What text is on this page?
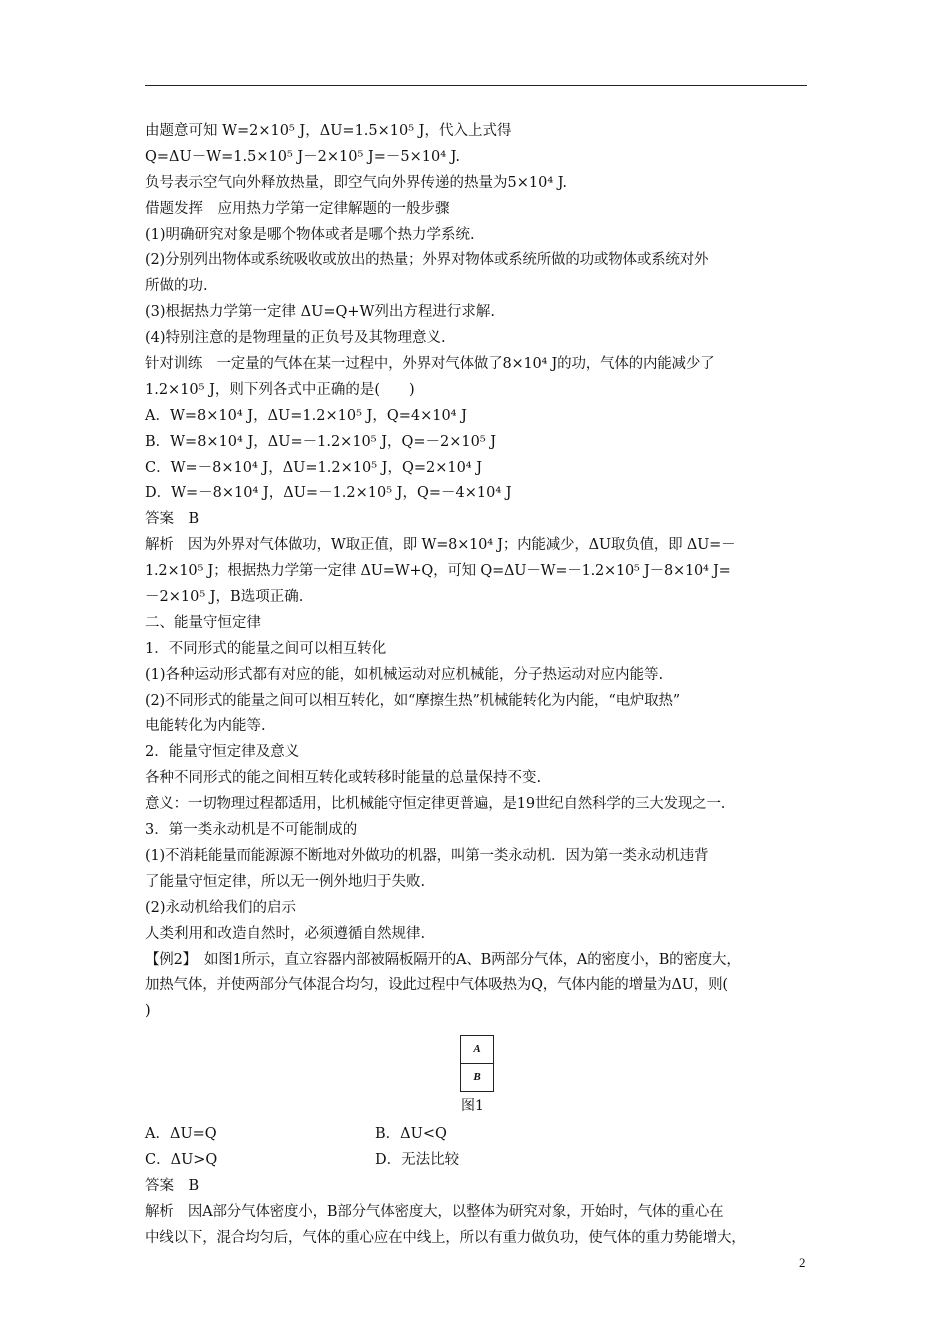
由题意可知 W=2×10⁵ J，ΔU=1.5×10⁵ J，代入上式得
Q=ΔU－W=1.5×10⁵ J－2×10⁵ J=－5×10⁴ J.
负号表示空气向外释放热量，即空气向外界传递的热量为5×10⁴ J.
借题发挥　应用热力学第一定律解题的一般步骤
(1)明确研究对象是哪个物体或者是哪个热力学系统.
(2)分别列出物体或系统吸收或放出的热量；外界对物体或系统所做的功或物体或系统对外
所做的功.
(3)根据热力学第一定律 ΔU=Q+W列出方程进行求解.
(4)特别注意的是物理量的正负号及其物理意义.
针对训练　一定量的气体在某一过程中，外界对气体做了8×10⁴ J的功，气体的内能减少了
1.2×10⁵ J，则下列各式中正确的是(　　)
A．W=8×10⁴ J，ΔU=1.2×10⁵ J，Q=4×10⁴ J
B．W=8×10⁴ J，ΔU=－1.2×10⁵ J，Q=－2×10⁵ J
C．W=－8×10⁴ J，ΔU=1.2×10⁵ J，Q=2×10⁴ J
D．W=－8×10⁴ J，ΔU=－1.2×10⁵ J，Q=－4×10⁴ J
答案　B
解析　因为外界对气体做功，W取正值，即 W=8×10⁴ J；内能减少，ΔU取负值，即 ΔU=－
1.2×10⁵ J；根据热力学第一定律 ΔU=W+Q，可知 Q=ΔU－W=－1.2×10⁵ J－8×10⁴ J=
－2×10⁵ J，B选项正确.
二、能量守恒定律
1．不同形式的能量之间可以相互转化
(1)各种运动形式都有对应的能，如机械运动对应机械能，分子热运动对应内能等.
(2)不同形式的能量之间可以相互转化，如“摩擦生热”机械能转化为内能，“电炉取热”
电能转化为内能等.
2．能量守恒定律及意义
各种不同形式的能之间相互转化或转移时能量的总量保持不变.
意义：一切物理过程都适用，比机械能守恒定律更普遍，是19世纪自然科学的三大发现之一.
3．第一类永动机是不可能制成的
(1)不消耗能量而能源源不断地对外做功的机器，叫第一类永动机．因为第一类永动机违背
了能量守恒定律，所以无一例外地归于失败.
(2)永动机给我们的启示
人类利用和改造自然时，必须遵循自然规律.
【例2】　如图1所示，直立容器内部被隔板隔开的A、B两部分气体，A的密度小，B的密度大，
加热气体，并使两部分气体混合均匀，设此过程中气体吸热为Q，气体内能的增量为ΔU，则(
)
A
B
图1
A．ΔU=Q	B．ΔU<Q
C．ΔU>Q	D．无法比较
答案　B
解析　因A部分气体密度小，B部分气体密度大，以整体为研究对象，开始时，气体的重心在
中线以下，混合均匀后，气体的重心应在中线上，所以有重力做负功，使气体的重力势能增大，
2
